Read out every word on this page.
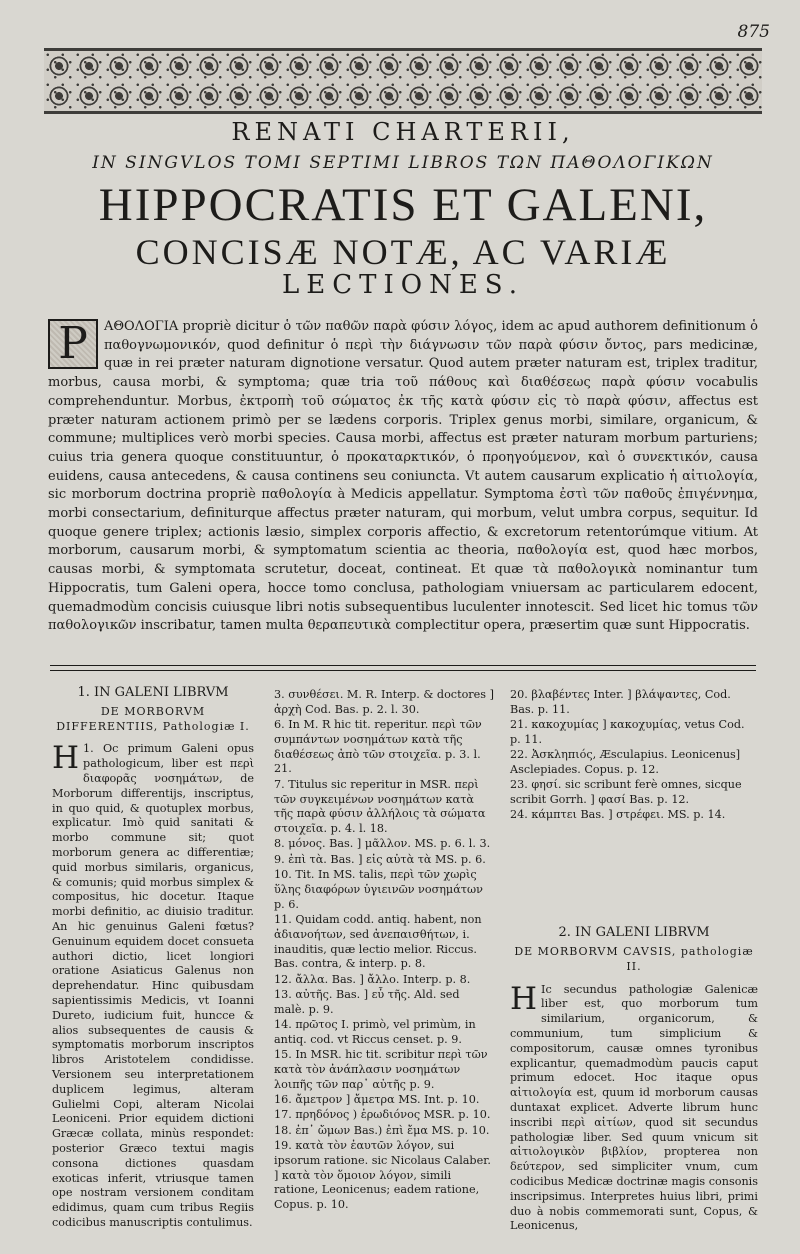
875
RENATI CHARTERII,
IN SINGVLOS TOMI SEPTIMI LIBROS ΤΩΝ ΠΑΘΟΛΟΓΙΚΩΝ
HIPPOCRATIS ET GALENI,
CONCISÆ NOTÆ, AC VARIÆ
LECTIONES.
P	ΑΘΟΛΟΓΙΑ propriè dicitur ὁ τῶν παθῶν παρὰ φύσιν λόγος, idem ac apud authorem definitionum ὁ παθογνωμονικόν, quod definitur ὁ περὶ τὴν διάγνωσιν τῶν παρὰ φύσιν ὄντος, pars medicinæ, quæ in rei præter naturam dignotione versatur. Quod autem præter naturam est, triplex traditur, morbus, causa morbi, & symptoma; quæ tria τοῦ πάθους καὶ διαθέσεως παρὰ φύσιν vocabulis comprehenduntur. Morbus, ἐκτροπὴ τοῦ σώματος ἐκ τῆς κατὰ φύσιν εἰς τὸ παρὰ φύσιν, affectus est præter naturam actionem primò per se lædens corporis. Triplex genus morbi, similare, organicum, & commune; multiplices verò morbi species. Causa morbi, affectus est præter naturam morbum parturiens; cuius tria genera quoque constituuntur, ὁ προκαταρκτικόν, ὁ προηγούμενον, καὶ ὁ συνεκτικόν, causa euidens, causa antecedens, & causa continens seu coniuncta. Vt autem causarum explicatio ἡ αἰτιολογία, sic morborum doctrina propriè παθολογία à Medicis appellatur. Symptoma ἐστὶ τῶν παθοῦς ἐπιγέννημα, morbi consectarium, definiturque affectus præter naturam, qui morbum, velut umbra corpus, sequitur. Id quoque genere triplex; actionis læsio, simplex corporis affectio, & excretorum retentorúmque vitium. At morborum, causarum morbi, & symptomatum scientia ac theoria, παθολογία est, quod hæc morbos, causas morbi, & symptomata scrutetur, doceat, contineat. Et quæ τὰ παθολογικὰ nominantur tum Hippocratis, tum Galeni opera, hocce tomo conclusa, pathologiam vniuersam ac particularem edocent, quemadmodùm concisis cuiusque libri notis subsequentibus luculenter innotescit. Sed licet hic tomus τῶν παθολογικῶν inscribatur, tamen multa θεραπευτικὰ complectitur opera, præsertim quæ sunt Hippocratis.
1. IN GALENI LIBRVM
DE MORBORVM DIFFERENTIIS, Pathologiæ I.
1.
H Oc primum Galeni opus pathologicum, liber est περὶ διαφορᾶς νοσημάτων, de Morborum differentijs, inscriptus, in quo quid, & quotuplex morbus, explicatur. Imò quid sanitati & morbo commune sit; quot morborum genera ac differentiæ; quid morbus similaris, organicus, & comunis; quid morbus simplex & compositus, hic docetur. Itaque morbi definitio, ac diuisio traditur. An hic genuinus Galeni fœtus? Genuinum equidem docet consueta authori dictio, licet longiori oratione Asiaticus Galenus non deprehendatur. Hinc quibusdam sapientissimis Medicis, vt Ioanni Dureto, iudicium fuit, huncce & alios subsequentes de causis & symptomatis morborum inscriptos libros Aristotelem condidisse. Versionem seu interpretationem duplicem legimus, alteram Gulielmi Copi, alteram Nicolai Leoniceni. Prior equidem dictioni Græcæ collata, minùs respondet: posterior Græco textui magis consona dictiones quasdam exoticas inferit, vtriusque tamen ope nostram versionem conditam edidimus, quam cum tribus Regiis codicibus manuscriptis contulimus.
3. συνθέσει. M. R. Interp. & doctores ] ἀρχὴ Cod. Bas. p. 2. l. 30.
6. In M. R hic tit. reperitur. περὶ τῶν συμπάντων νοσημάτων κατὰ τῆς διαθέσεως ἀπὸ τῶν στοιχεῖα. p. 3. l. 21.
7. Titulus sic reperitur in MSR. περὶ τῶν συγκειμένων νοσημάτων κατὰ τῆς παρὰ φύσιν ἀλλήλοις τὰ σώματα στοιχεῖα. p. 4. l. 18.
8. μόνος. Bas. ] μᾶλλον. MS. p. 6. l. 3.
9. ἐπὶ τὰ. Bas. ] εἰς αὐτὰ τὰ MS. p. 6.
10. Tit. In MS. talis, περὶ τῶν χωρὶς ὕλης διαφόρων ὑγιεινῶν νοσημάτων p. 6.
11. Quidam codd. antiq. habent, non ἀδιανοήτων, sed ἀνεπαισθήτων, i. inauditis, quæ lectio melior. Riccus. Bas. contra, & interp. p. 8.
12. ἄλλα. Bas. ] ἄλλο. Interp. p. 8.
13. αὐτῆς. Bas. ] εὖ τῆς. Ald. sed malè. p. 9.
14. πρῶτος I. primò, vel primùm, in antiq. cod. vt Riccus censet. p. 9.
15. In MSR. hic tit. scribitur περὶ τῶν κατὰ τὸν ἀνάπλασιν νοσημάτων λοιπῆς τῶν παρ᾽ αὐτῆς p. 9.
16. ἄμετρον ] ἄμετρα MS. Int. p. 10.
17. πρηδόνος ) ἐρωδιόνος MSR. p. 10.
18. ἐπ᾽ ὤμων Bas.) ἐπὶ ἔμα MS. p. 10.
19. κατὰ τὸν ἐαυτῶν λόγον, sui ipsorum ratione. sic Nicolaus Calaber. ] κατὰ τὸν ὅμοιον λόγον, simili ratione, Leonicenus; eadem ratione, Copus. p. 10.
20. βλαβέντες Inter. ] βλάψαντες, Cod. Bas. p. 11.
21. κακοχυμίας ] κακοχυμίας, vetus Cod. p. 11.
22. Ἀσκληπιός, Æsculapius. Leonicenus] Asclepiades. Copus. p. 12.
23. φησί. sic scribunt ferè omnes, sicque scribit Gorrh. ] φασί Bas. p. 12.
24. κάμπτει Bas. ] στρέφει. MS. p. 14.
2. IN GALENI LIBRVM
DE MORBORVM CAVSIS, pathologiæ II.
H Ic secundus pathologiæ Galenicæ liber est, quo morborum tum similarium, organicorum, & communium, tum simplicium & compositorum, causæ omnes tyronibus explicantur, quemadmodùm paucis caput primum edocet. Hoc itaque opus αἰτιολογία est, quum id morborum causas duntaxat explicet. Adverte librum hunc inscribi περὶ αἰτίων, quod sit secundus pathologiæ liber. Sed quum vnicum sit αἰτιολογικὸν βιβλίον, propterea non δεύτερον, sed simpliciter vnum, cum codicibus Medicæ doctrinæ magis consonis inscripsimus. Interpretes huius libri, primi duo à nobis commemorati sunt, Copus, & Leonicenus,
